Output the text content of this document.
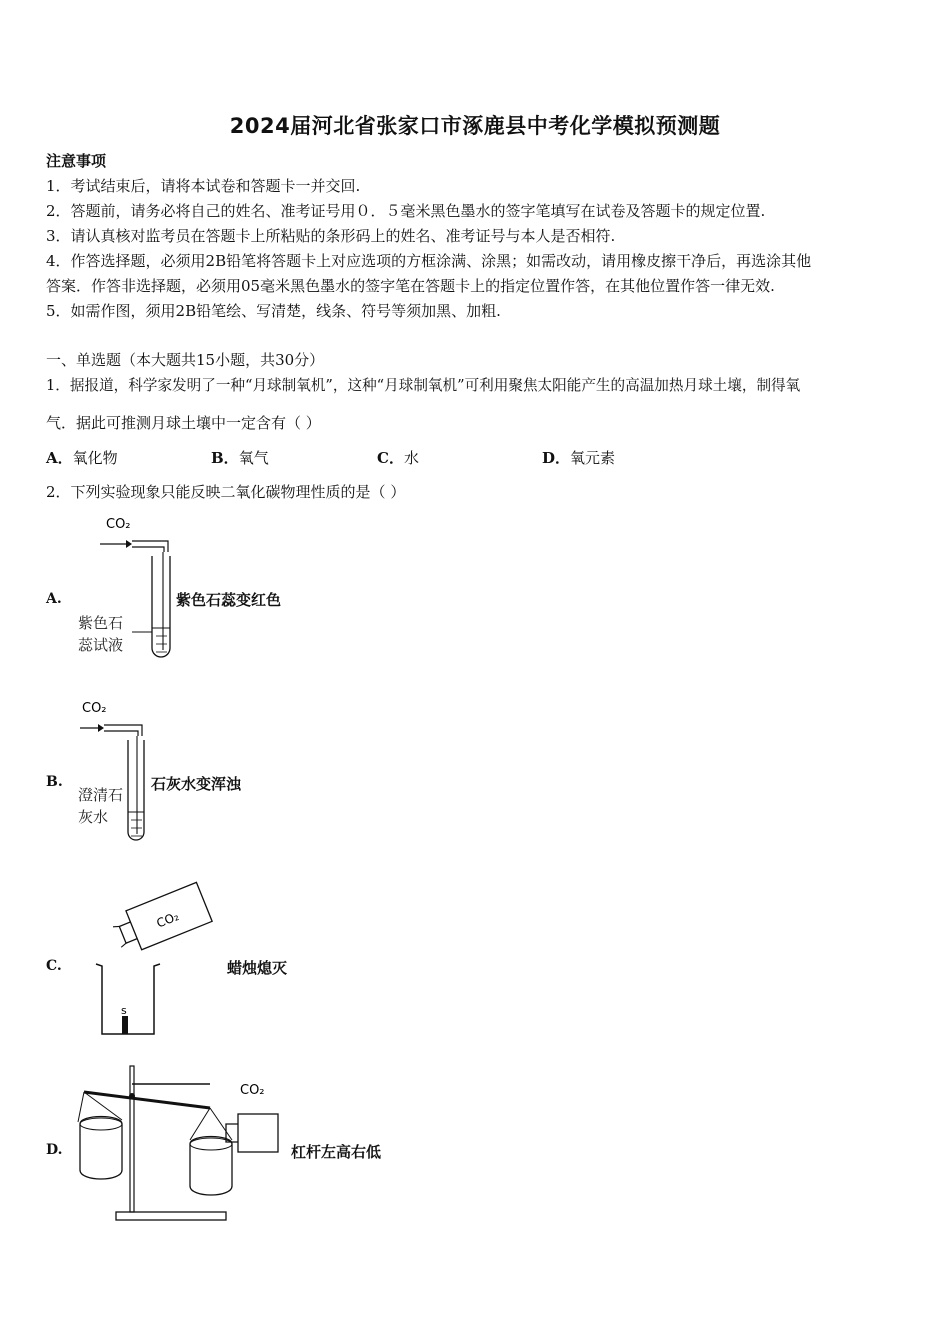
2024届河北省张家口市涿鹿县中考化学模拟预测题
注意事项
1．考试结束后，请将本试卷和答题卡一并交回.
2．答题前，请务必将自己的姓名、准考证号用０．５毫米黑色墨水的签字笔填写在试卷及答题卡的规定位置.
3．请认真核对监考员在答题卡上所粘贴的条形码上的姓名、准考证号与本人是否相符.
4．作答选择题，必须用2B铅笔将答题卡上对应选项的方框涂满、涂黑；如需改动，请用橡皮擦干净后，再选涂其他
答案．作答非选择题，必须用05毫米黑色墨水的签字笔在答题卡上的指定位置作答，在其他位置作答一律无效.
5．如需作图，须用2B铅笔绘、写清楚，线条、符号等须加黑、加粗.
一、单选题（本大题共15小题，共30分）
1．据报道，科学家发明了一种“月球制氧机”，这种“月球制氧机”可利用聚焦太阳能产生的高温加热月球土壤，制得氧
气．据此可推测月球土壤中一定含有（ ）
A．氧化物	B．氧气	C．水	D．氧元素
2．下列实验现象只能反映二氧化碳物理性质的是（ ）
A.
CO₂
紫色石
蕊试液
紫色石蕊变红色
B.
CO₂
澄清石
灰水
石灰水变浑浊
C.
CO₂
s
蜡烛熄灭
D.
CO₂
杠杆左高右低
